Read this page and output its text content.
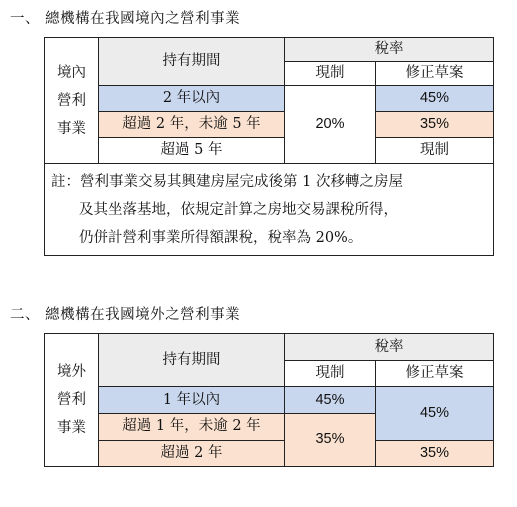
一、 總機構在我國境內之營利事業
境內
營利
事業	持有期間	稅率	
		現制	修正草案
	2 年以內	20%	45%
	超過 2 年，未逾 5 年		35%
	超過 5 年		現制

註：營利事業交易其興建房屋完成後第 1 次移轉之房屋
及其坐落基地，依規定計算之房地交易課稅所得，
仍併計營利事業所得額課稅，稅率為 20%。			
二、 總機構在我國境外之營利事業
境外
營利
事業	持有期間	稅率	
		現制	修正草案
	1 年以內	45%	45%
	超過 1 年，未逾 2 年	35%	
	超過 2 年		35%
